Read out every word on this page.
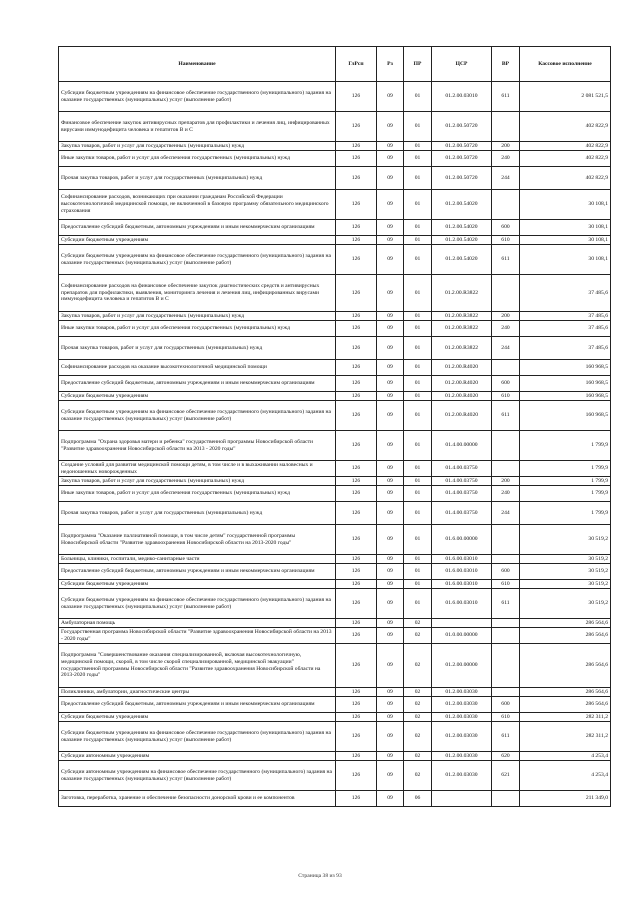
Наименование	ГлРсп	Рз	ПР	ЦСР	ВР	Кассовое исполнение
Субсидии бюджетным учреждениям на финансовое обеспечение государственного (муниципального) задания на оказание государственных (муниципальных) услуг (выполнение работ)	126	09	01	01.2.00.03010	611	2 081 521,5
Финансовое обеспечение закупок антивирусных препаратов для профилактики и лечения лиц, инфицированных вирусами иммунодефицита человека и гепатитов B и C	126	09	01	01.2.00.50720		402 822,9
Закупка товаров, работ и услуг для государственных (муниципальных) нужд	126	09	01	01.2.00.50720	200	402 822,9
Иные закупки товаров, работ и услуг для обеспечения государственных (муниципальных) нужд	126	09	01	01.2.00.50720	240	402 822,9
Прочая закупка товаров, работ и услуг для государственных (муниципальных) нужд	126	09	01	01.2.00.50720	244	402 822,9
Софинансирование расходов, возникающих при оказании гражданам Российской Федерации высокотехнологичной медицинской помощи, не включенной в базовую программу обязательного медицинского страхования	126	09	01	01.2.00.54020		30 108,1
Предоставление субсидий бюджетным, автономным учреждениям и иным некоммерческим организациям	126	09	01	01.2.00.54020	600	30 108,1
Субсидии бюджетным учреждениям	126	09	01	01.2.00.54020	610	30 108,1
Субсидии бюджетным учреждениям на финансовое обеспечение государственного (муниципального) задания на оказание государственных (муниципальных) услуг (выполнение работ)	126	09	01	01.2.00.54020	611	30 108,1
Софинансирование расходов на финансовое обеспечение закупок диагностических средств и антивирусных препаратов для профилактики, выявления, мониторинга лечения и лечения лиц, инфицированных вирусами иммунодефицита человека и гепатитов B и C	126	09	01	01.2.00.R3822		37 485,6
Закупка товаров, работ и услуг для государственных (муниципальных) нужд	126	09	01	01.2.00.R3822	200	37 485,6
Иные закупки товаров, работ и услуг для обеспечения государственных (муниципальных) нужд	126	09	01	01.2.00.R3822	240	37 485,6
Прочая закупка товаров, работ и услуг для государственных (муниципальных) нужд	126	09	01	01.2.00.R3822	244	37 485,6
Софинансирование расходов на оказание высокотехнологичной медицинской помощи	126	09	01	01.2.00.R4020		160 968,5
Предоставление субсидий бюджетным, автономным учреждениям и иным некоммерческим организациям	126	09	01	01.2.00.R4020	600	160 968,5
Субсидии бюджетным учреждениям	126	09	01	01.2.00.R4020	610	160 968,5
Субсидии бюджетным учреждениям на финансовое обеспечение государственного (муниципального) задания на оказание государственных (муниципальных) услуг (выполнение работ)	126	09	01	01.2.00.R4020	611	160 968,5
Подпрограмма "Охрана здоровья матери и ребенка" государственной программы Новосибирской области "Развитие здравоохранения Новосибирской области на 2013 - 2020 годы"	126	09	01	01.4.00.00000		1 799,9
Создание условий для развития медицинской помощи детям, в том числе и в выхаживании маловесных и недоношенных новорожденных	126	09	01	01.4.00.03750		1 799,9
Закупка товаров, работ и услуг для государственных (муниципальных) нужд	126	09	01	01.4.00.03750	200	1 799,9
Иные закупки товаров, работ и услуг для обеспечения государственных (муниципальных) нужд	126	09	01	01.4.00.03750	240	1 799,9
Прочая закупка товаров, работ и услуг для государственных (муниципальных) нужд	126	09	01	01.4.00.03750	244	1 799,9
Подпрограмма "Оказание паллиативной помощи, в том числе детям" государственной программы Новосибирской области "Развитие здравоохранения Новосибирской области на 2013-2020 годы"	126	09	01	01.6.00.00000		30 519,2
Больницы, клиники, госпитали, медико-санитарные части	126	09	01	01.6.00.03010		30 519,2
Предоставление субсидий бюджетным, автономным учреждениям и иным некоммерческим организациям	126	09	01	01.6.00.03010	600	30 519,2
Субсидии бюджетным учреждениям	126	09	01	01.6.00.03010	610	30 519,2
Субсидии бюджетным учреждениям на финансовое обеспечение государственного (муниципального) задания на оказание государственных (муниципальных) услуг (выполнение работ)	126	09	01	01.6.00.03010	611	30 519,2
Амбулаторная помощь	126	09	02			286 564,6
Государственная программа Новосибирской области "Развитие здравоохранения Новосибирской области на 2013 - 2020 годы"	126	09	02	01.0.00.00000		286 564,6
Подпрограмма "Совершенствование оказания специализированной, включая высокотехнологичную, медицинской помощи, скорой, в том числе скорой специализированной, медицинской эвакуации" государственной программы Новосибирской области "Развитие здравоохранения Новосибирской области на 2013-2020 годы"	126	09	02	01.2.00.00000		286 564,6
Поликлиники, амбулатории, диагностические центры	126	09	02	01.2.00.03030		286 564,6
Предоставление субсидий бюджетным, автономным учреждениям и иным некоммерческим организациям	126	09	02	01.2.00.03030	600	286 564,6
Субсидии бюджетным учреждениям	126	09	02	01.2.00.03030	610	282 311,2
Субсидии бюджетным учреждениям на финансовое обеспечение государственного (муниципального) задания на оказание государственных (муниципальных) услуг (выполнение работ)	126	09	02	01.2.00.03030	611	282 311,2
Субсидии автономным учреждениям	126	09	02	01.2.00.03030	620	4 253,4
Субсидии автономным учреждениям на финансовое обеспечение государственного (муниципального) задания на оказание государственных (муниципальных) услуг (выполнение работ)	126	09	02	01.2.00.03030	621	4 253,4
Заготовка, переработка, хранение и обеспечение безопасности донорской крови и ее компонентов	126	09	06			211 349,0
Страница 38 из 93
